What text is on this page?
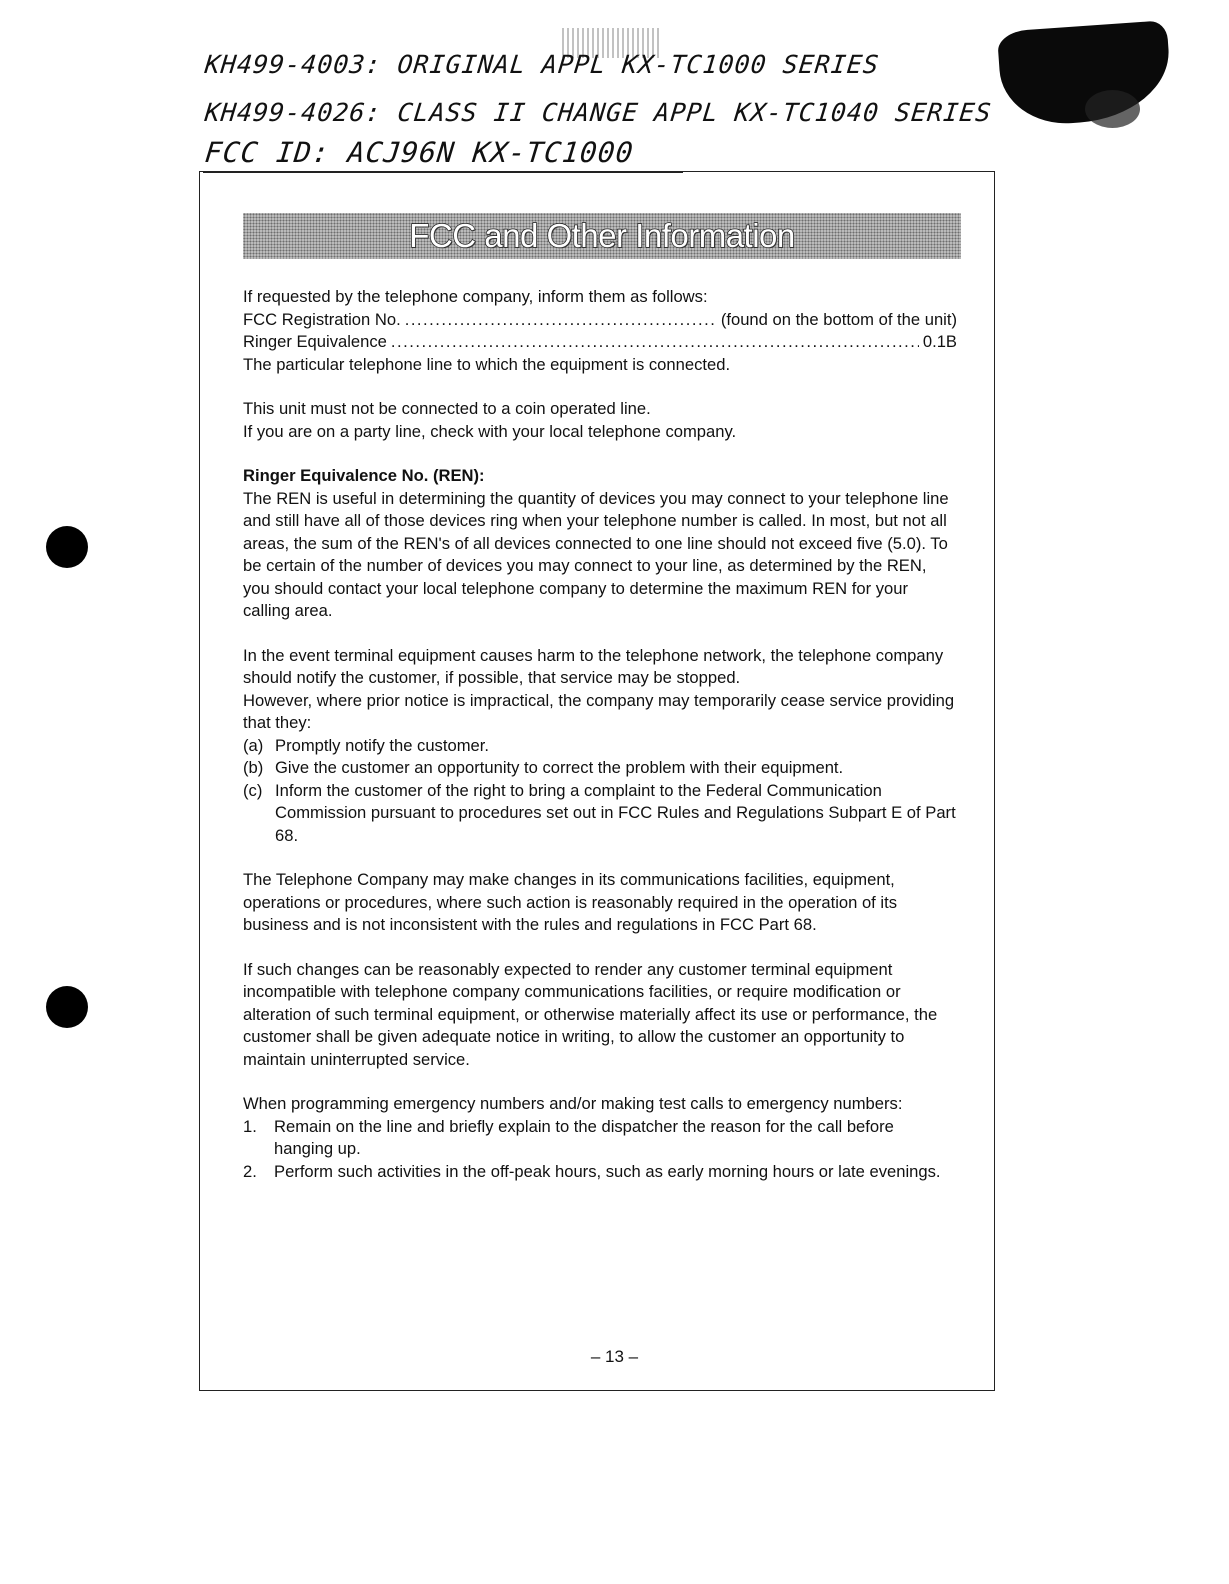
KH499-4003: ORIGINAL APPL KX-TC1000 SERIES
KH499-4026: CLASS II CHANGE APPL KX-TC1040 SERIES
FCC ID: ACJ96N KX-TC1000
FCC and Other Information

If requested by the telephone company, inform them as follows:

FCC Registration No. .....	(found on the bottom of the unit)
Ringer Equivalence .....	0.1B

The particular telephone line to which the equipment is connected.

This unit must not be connected to a coin operated line.

If you are on a party line, check with your local telephone company.

Ringer Equivalence No. (REN):

The REN is useful in determining the quantity of devices you may connect to your telephone line and still have all of those devices ring when your telephone number is called. In most, but not all areas, the sum of the REN's of all devices connected to one line should not exceed five (5.0). To be certain of the number of devices you may connect to your line, as determined by the REN, you should contact your local telephone company to determine the maximum REN for your calling area.

In the event terminal equipment causes harm to the telephone network, the telephone company should notify the customer, if possible, that service may be stopped.

However, where prior notice is impractical, the company may temporarily cease service providing that they:

(a) Promptly notify the customer.
(b) Give the customer an opportunity to correct the problem with their equipment.
(c) Inform the customer of the right to bring a complaint to the Federal Communication Commission pursuant to procedures set out in FCC Rules and Regulations Subpart E of Part 68.

The Telephone Company may make changes in its communications facilities, equipment, operations or procedures, where such action is reasonably required in the operation of its business and is not inconsistent with the rules and regulations in FCC Part 68.

If such changes can be reasonably expected to render any customer terminal equipment incompatible with telephone company communications facilities, or require modification or alteration of such terminal equipment, or otherwise materially affect its use or performance, the customer shall be given adequate notice in writing, to allow the customer an opportunity to maintain uninterrupted service.

When programming emergency numbers and/or making test calls to emergency numbers:

1.	Remain on the line and briefly explain to the dispatcher the reason for the call before hanging up.
2.	Perform such activities in the off-peak hours, such as early morning hours or late evenings.
– 13 –
